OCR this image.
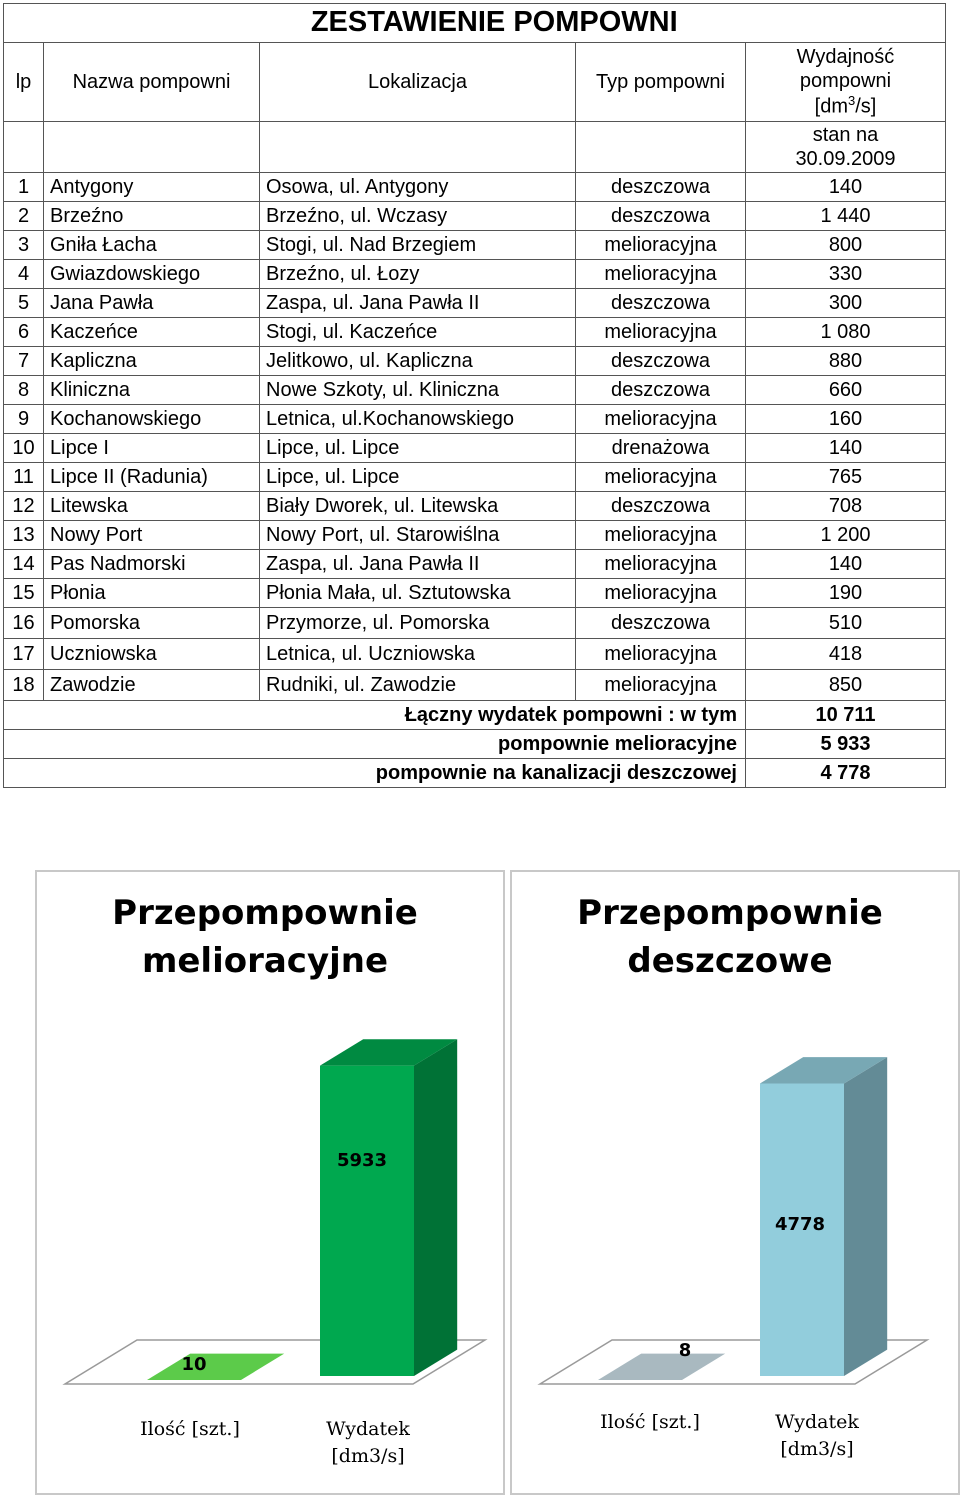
	ZESTAWIENIE POMPOWNI			
lp	Nazwa pompowni	Lokalizacja	Typ pompowni	Wydajność
pompowni
$[dm^3/s]$

				stan na
30.09.2009

1	Antygony	Osowa, ul. Antygony	deszczowa	140
2	Brzeźno	Brzeźno, ul. Wczasy	deszczowa	1 440
3	Gniła Łacha	Stogi, ul. Nad Brzegiem	melioracyjna	800
4	Gwiazdowskiego	Brzeźno, ul. Łozy	melioracyjna	330
5	Jana Pawła	Zaspa, ul. Jana Pawła II	deszczowa	300
6	Kaczeńce	Stogi, ul. Kaczeńce	melioracyjna	1 080
7	Kapliczna	Jelitkowo, ul. Kapliczna	deszczowa	880
8	Kliniczna	Nowe Szkoty, ul. Kliniczna	deszczowa	660
9	Kochanowskiego	Letnica, ul.Kochanowskiego	melioracyjna	160
10	Lipce I	Lipce, ul. Lipce	drenażowa	140
11	Lipce II (Radunia)	Lipce, ul. Lipce	melioracyjna	765
12	Litewska	Biały Dworek, ul. Litewska	deszczowa	708
13	Nowy Port	Nowy Port, ul. Starowiślna	melioracyjna	1 200
14	Pas Nadmorski	Zaspa, ul. Jana Pawła II	melioracyjna	140
15	Płonia	Płonia Mała, ul. Sztutowska	melioracyjna	190
16	Pomorska	Przymorze, ul. Pomorska	deszczowa	510
17	Uczniowska	Letnica, ul. Uczniowska	melioracyjna	418
18	Zawodzie	Rudniki, ul. Zawodzie	melioracyjna	850
Łączny wydatek pompowni : w tym				10 711
pompownie melioracyjne				5 933
pompownie na kanalizacji deszczowej				4 778
Przepompownie
melioracyjne
10
Ilość [szt.]
5933
Wydatek
[dm3/s]
Przepompownie
deszczowe
8
Ilość [szt.]
4778
Wydatek
[dm3/s]
